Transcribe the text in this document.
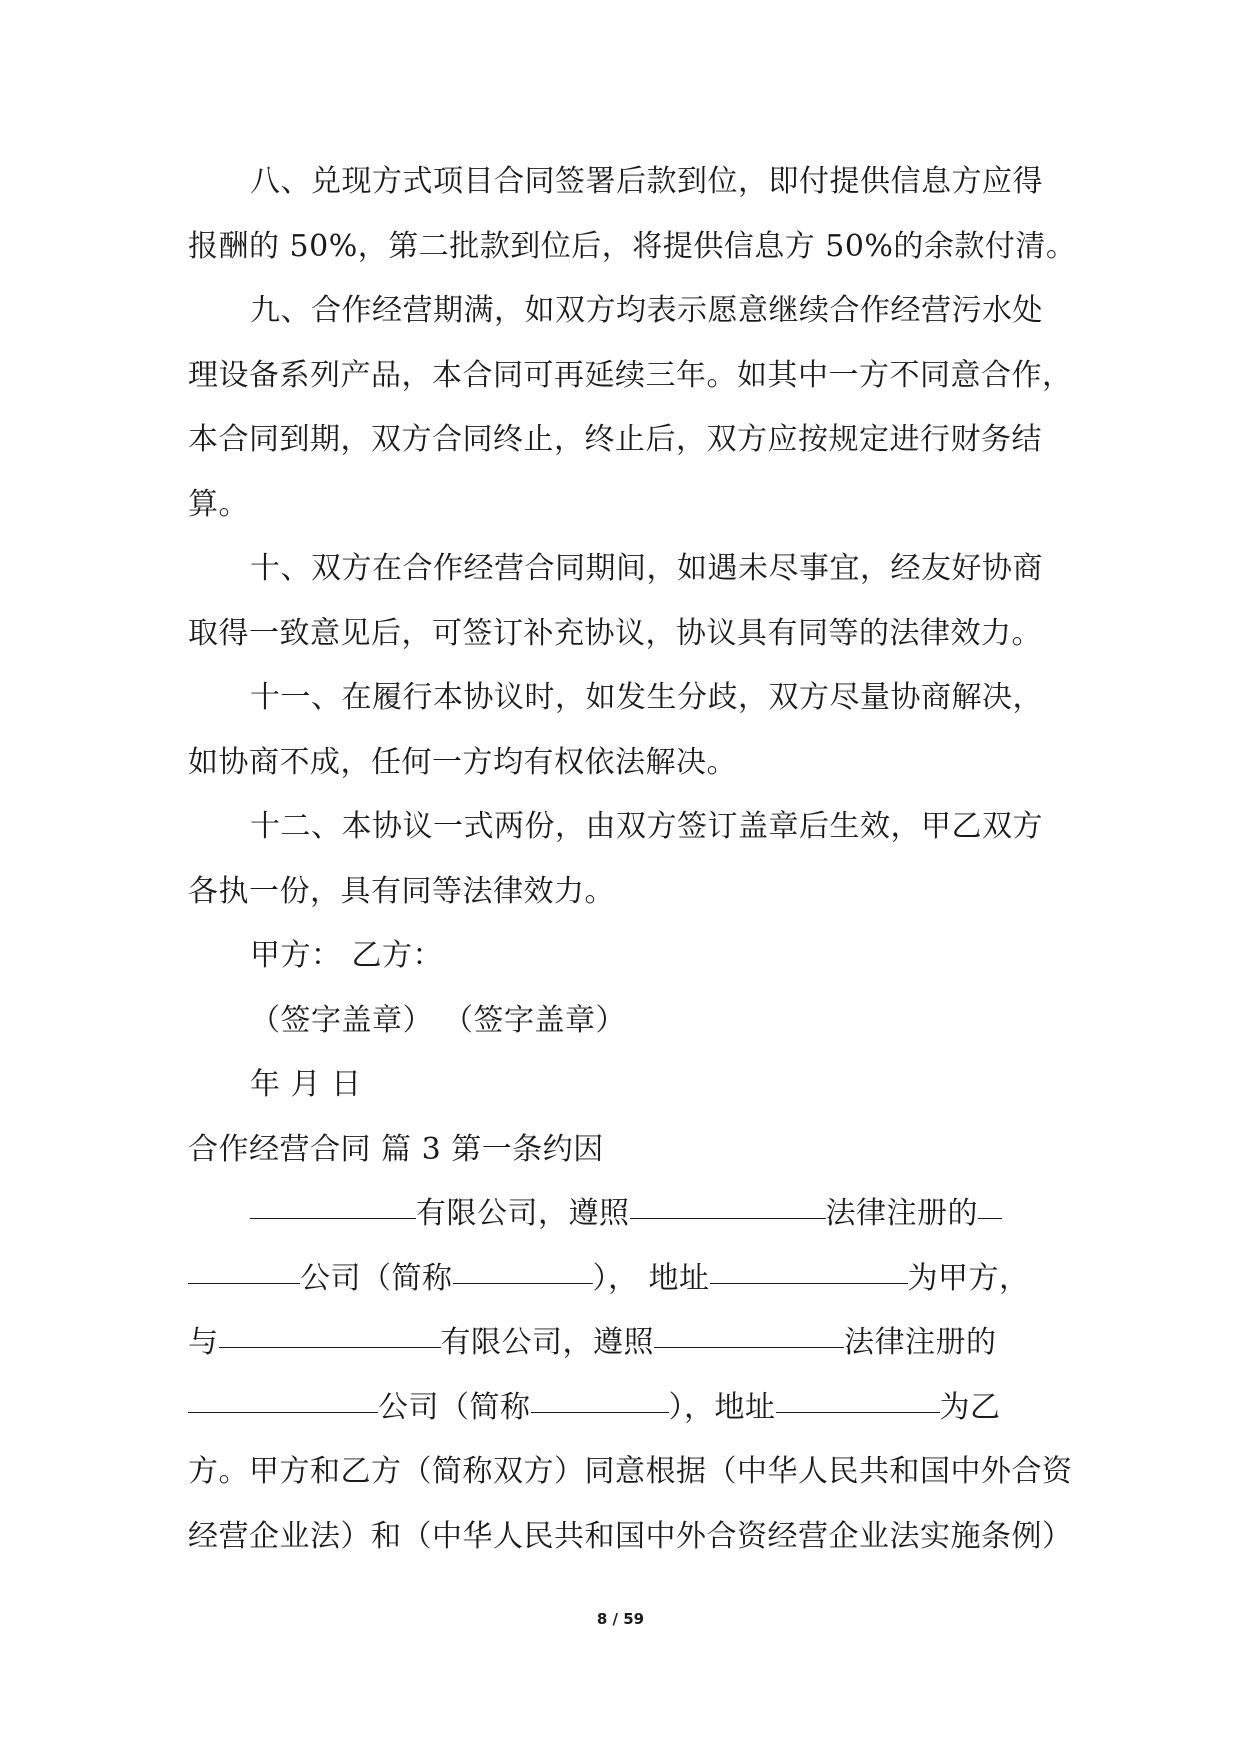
八、兑现方式项目合同签署后款到位，即付提供信息方应得
报酬的 50%，第二批款到位后，将提供信息方 50%的余款付清。
九、合作经营期满，如双方均表示愿意继续合作经营污水处
理设备系列产品，本合同可再延续三年。如其中一方不同意合作，
本合同到期，双方合同终止，终止后，双方应按规定进行财务结
算。
十、双方在合作经营合同期间，如遇未尽事宜，经友好协商
取得一致意见后，可签订补充协议，协议具有同等的法律效力。
十一、在履行本协议时，如发生分歧，双方尽量协商解决，
如协商不成，任何一方均有权依法解决。
十二、本协议一式两份，由双方签订盖章后生效，甲乙双方
各执一份，具有同等法律效力。
甲方： 乙方：
（签字盖章） （签字盖章）
年 月 日
合作经营合同 篇 3 第一条约因
有限公司，遵照	法律注册的
公司（简称	）， 地址	为甲方，
与	有限公司，遵照	法律注册的
公司（简称	），地址	为乙
方。甲方和乙方（简称双方）同意根据（中华人民共和国中外合资
经营企业法）和（中华人民共和国中外合资经营企业法实施条例）
8 / 59
